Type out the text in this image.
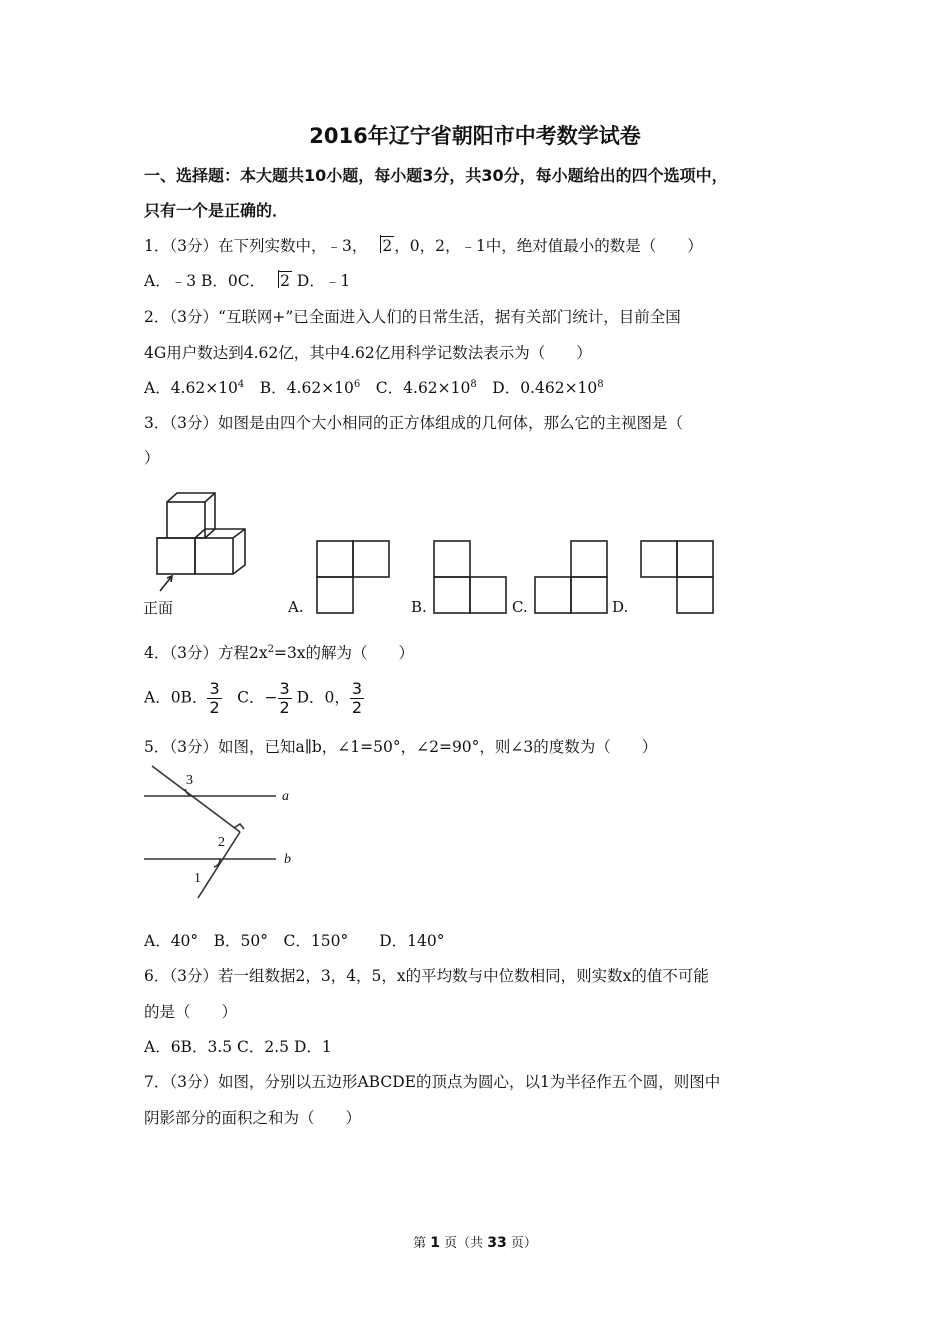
2016年辽宁省朝阳市中考数学试卷
一、选择题：本大题共10小题，每小题3分，共30分，每小题给出的四个选项中，
只有一个是正确的．
1．（3分）在下列实数中，﹣3， 2 ，0，2，﹣1中，绝对值最小的数是（　　）
A．﹣3 B．0C． 2 D．﹣1
2．（3分）“互联网+”已全面进入人们的日常生活，据有关部门统计，目前全国
4G用户数达到4.62亿，其中4.62亿用科学记数法表示为（　　）
A．$4.62\times 10^4$　B．$4.62\times 10^6$　C．$4.62\times 10^8$　D．$0.462\times 10^8$
3．（3分）如图是由四个大小相同的正方体组成的几何体，那么它的主视图是（
）
正面	A.	B.	C.	D.
4．（3分）方程$2x^2=3x$的解为（　　）
A．0B． $\frac{3}{2}$ 　C．− $\frac{3}{2}$ D．0， $\frac{3}{2}$
5．（3分）如图，已知a∥b，∠1=50°，∠2=90°，则∠3的度数为（　　）
3
a
2
b
1
A．40°　B．50°　C．150°　　D．140°
6．（3分）若一组数据2，3，4，5，x的平均数与中位数相同，则实数x的值不可能
的是（　　）
A．6B．3.5 C．2.5 D．1
7．（3分）如图，分别以五边形ABCDE的顶点为圆心，以1为半径作五个圆，则图中
阴影部分的面积之和为（　　）
第 1 页（共 33 页）
